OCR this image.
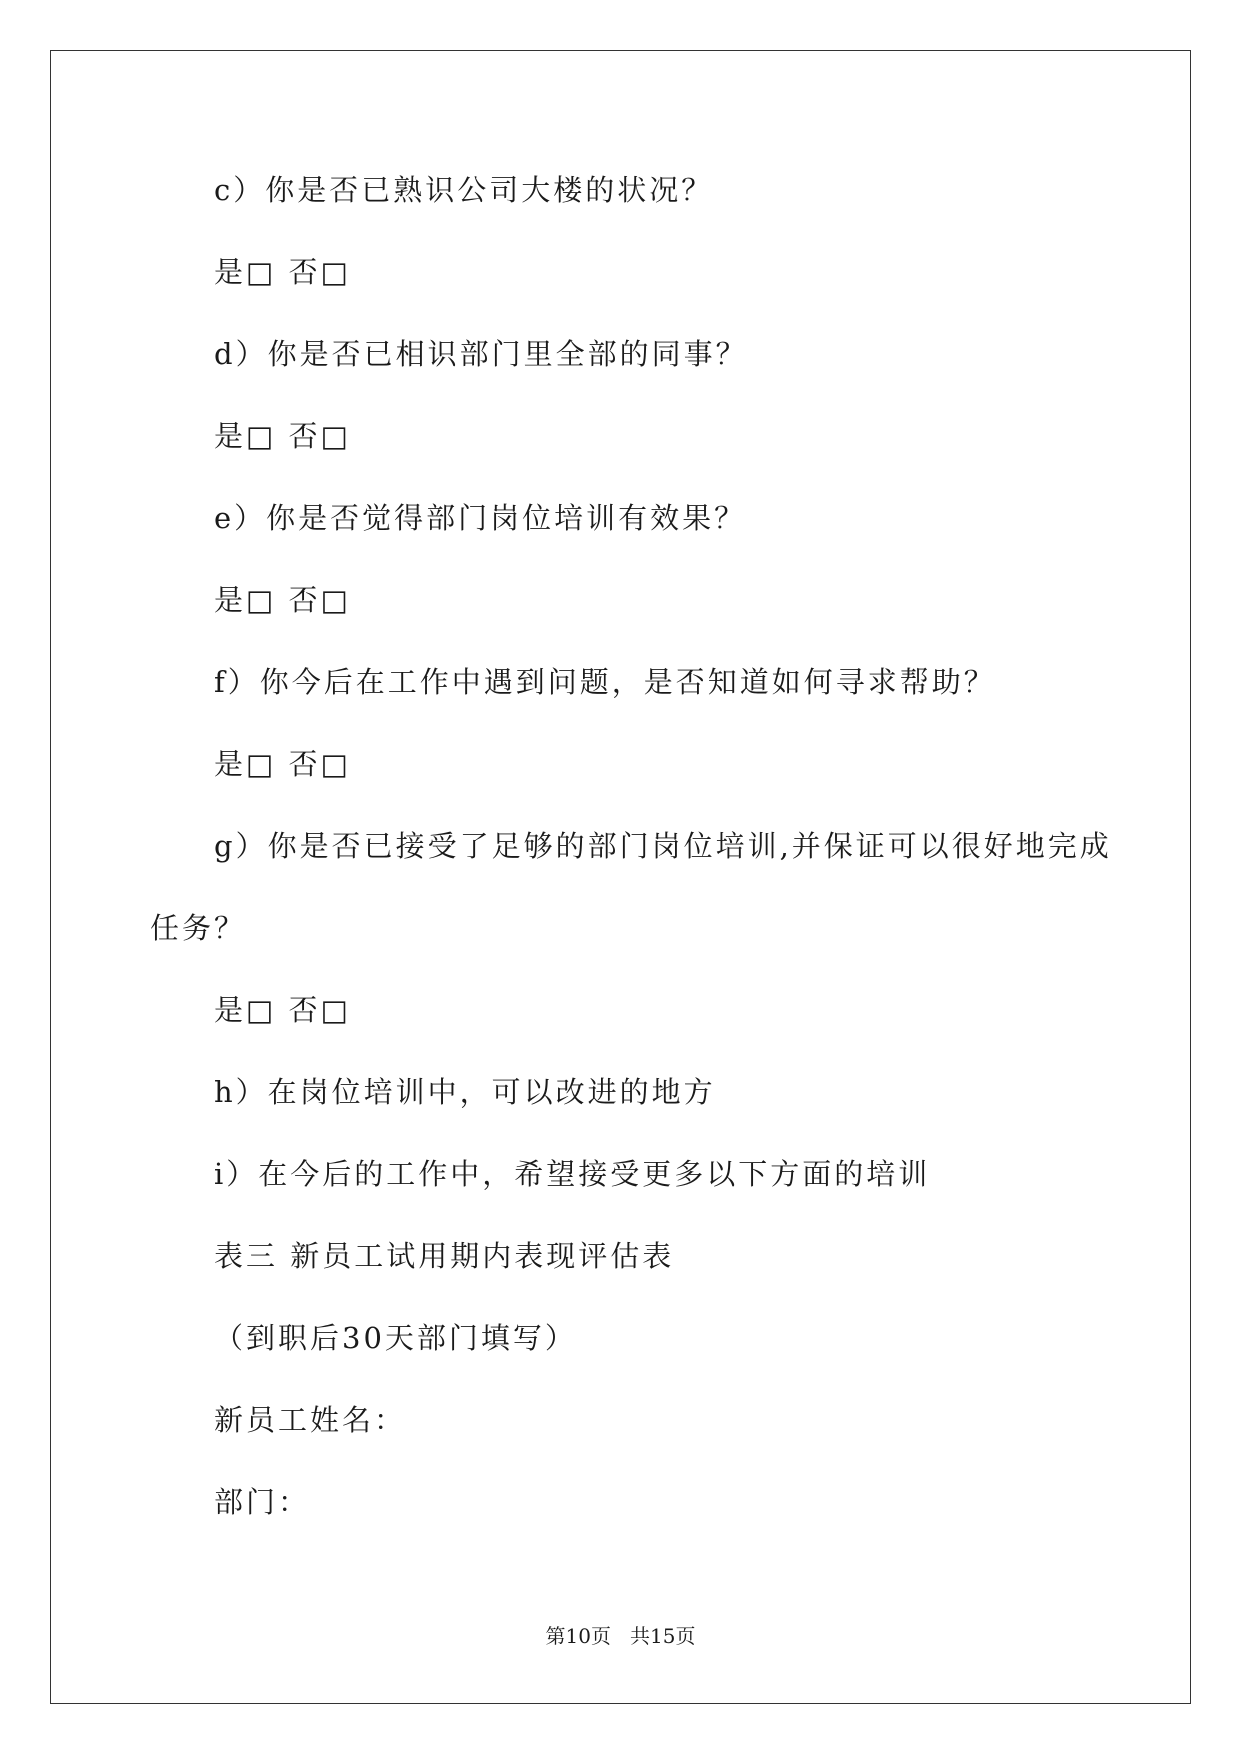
c）你是否已熟识公司大楼的状况？
是□ 否□
d）你是否已相识部门里全部的同事？
是□ 否□
e）你是否觉得部门岗位培训有效果？
是□ 否□
f）你今后在工作中遇到问题，是否知道如何寻求帮助？
是□ 否□
g）你是否已接受了足够的部门岗位培训,并保证可以很好地完成
任务？
是□ 否□
h）在岗位培训中，可以改进的地方
i）在今后的工作中，希望接受更多以下方面的培训
表三 新员工试用期内表现评估表
（到职后30天部门填写）
新员工姓名：
部门：
第10页   共15页
